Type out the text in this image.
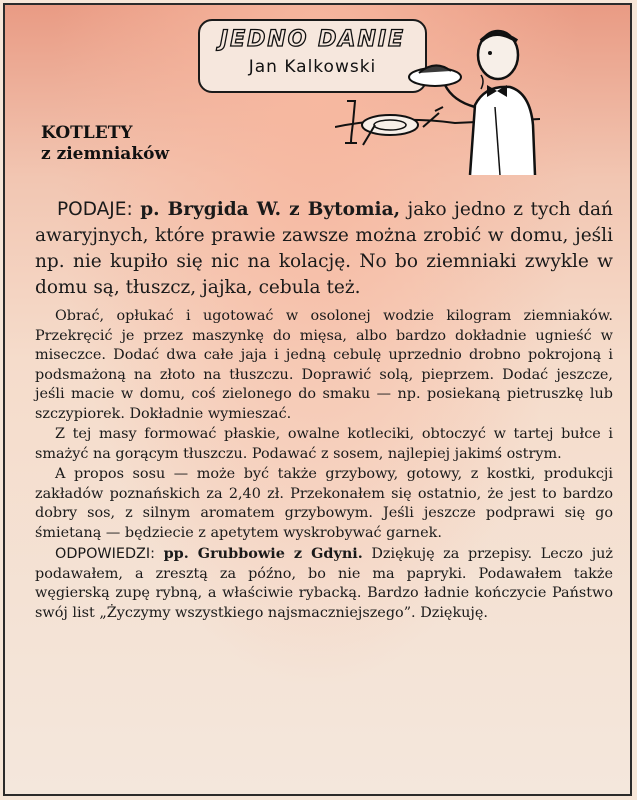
JEDNO DANIE
Jan Kalkowski
KOTLETY
z ziemniaków

PODAJE: p. Brygida W. z Bytomia, jako jedno z tych dań awaryjnych, które prawie zawsze można zrobić w domu, jeśli np. nie kupiło się nic na kolację. No bo ziemniaki zwykle w domu są, tłuszcz, jajka, cebula też.

Obrać, opłukać i ugotować w osolonej wodzie kilogram ziemniaków. Przekręcić je przez maszynkę do mięsa, albo bardzo dokładnie ugnieść w miseczce. Dodać dwa całe jaja i jedną cebulę uprzednio drobno pokrojoną i podsmażoną na złoto na tłuszczu. Doprawić solą, pieprzem. Dodać jeszcze, jeśli macie w domu, coś zielonego do smaku — np. posiekaną pietruszkę lub szczypiorek. Dokładnie wymieszać.

Z tej masy formować płaskie, owalne kotleciki, obtoczyć w tartej bułce i smażyć na gorącym tłuszczu. Podawać z sosem, najlepiej jakimś ostrym.

A propos sosu — może być także grzybowy, gotowy, z kostki, produkcji zakładów poznańskich za 2,40 zł. Przekonałem się ostatnio, że jest to bardzo dobry sos, z silnym aromatem grzybowym. Jeśli jeszcze podprawi się go śmietaną — będziecie z apetytem wyskrobywać garnek.

ODPOWIEDZI: pp. Grubbowie z Gdyni. Dziękuję za przepisy. Leczo już podawałem, a zresztą za późno, bo nie ma papryki. Podawałem także węgierską zupę rybną, a właściwie rybacką. Bardzo ładnie kończycie Państwo swój list „Życzymy wszystkiego najsmaczniejszego”. Dziękuję.
